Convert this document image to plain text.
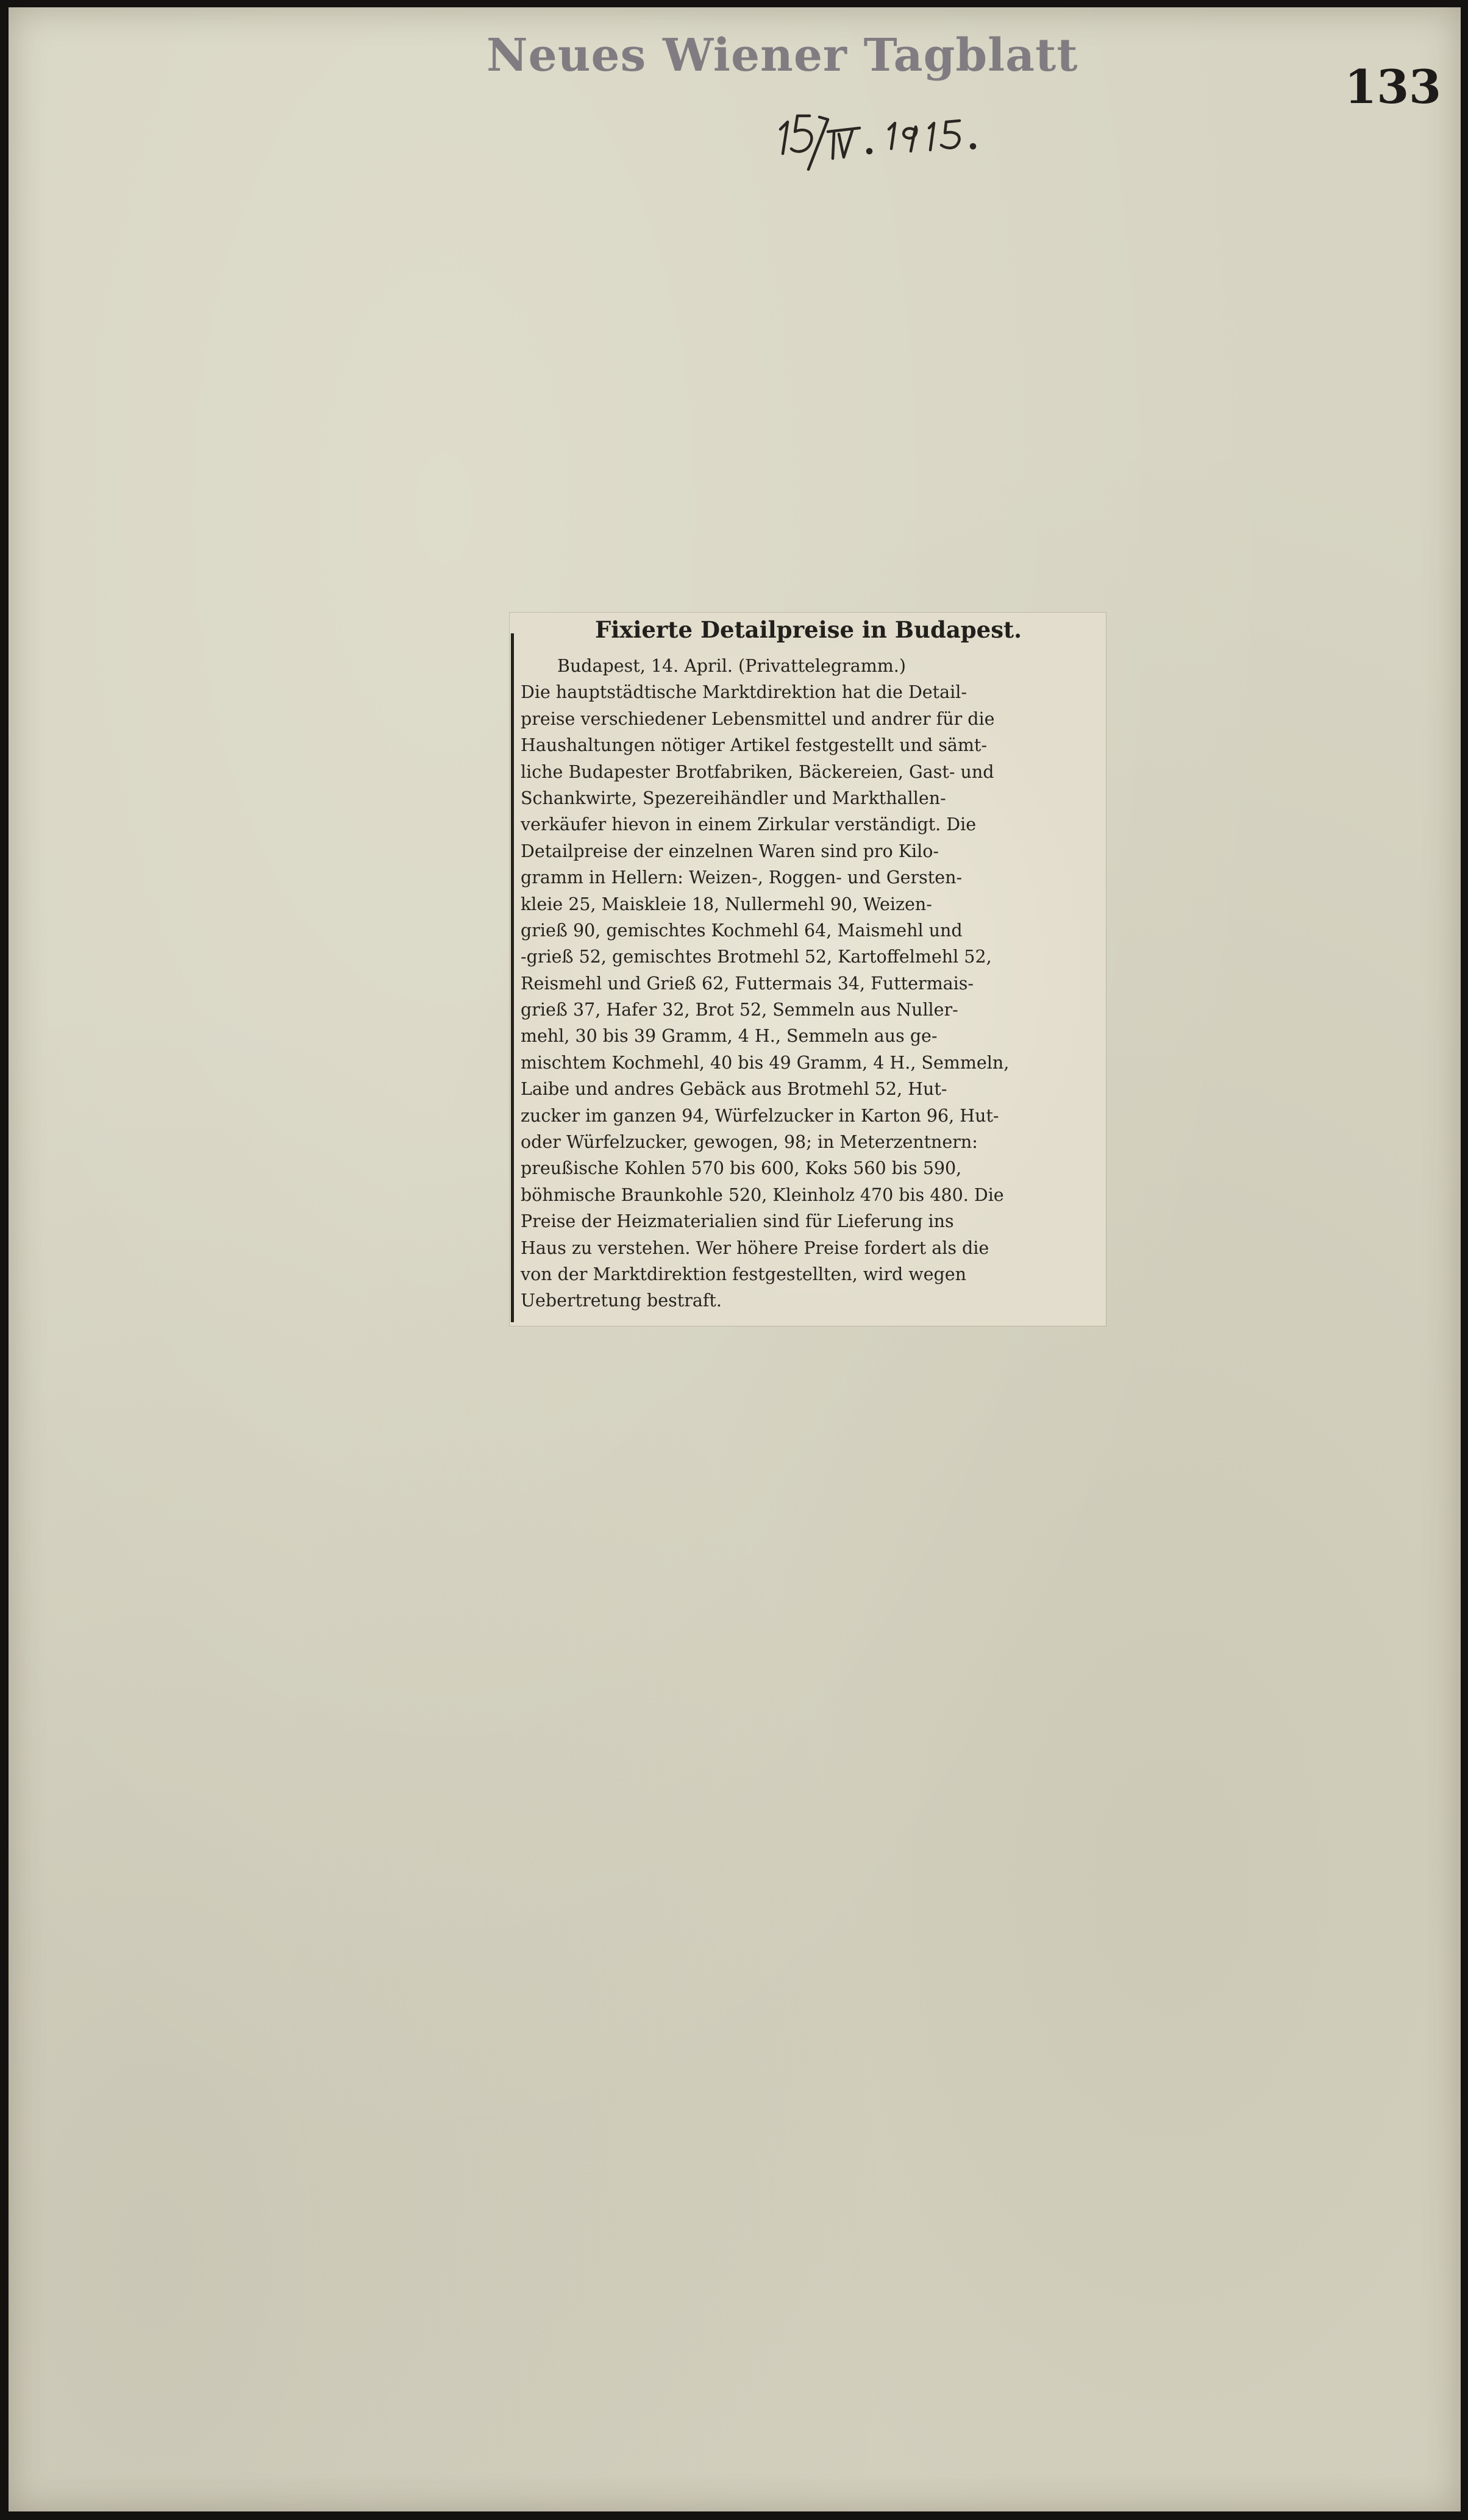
Neues Wiener Tagblatt
133
Fixierte Detailpreise in Budapest.
Budapest, 14. April. (Privattelegramm.)
Die hauptstädtische Marktdirektion hat die Detail-
preise verschiedener Lebensmittel und andrer für die
Haushaltungen nötiger Artikel festgestellt und sämt-
liche Budapester Brotfabriken, Bäckereien, Gast- und
Schankwirte, Spezereihändler und Markthallen-
verkäufer hievon in einem Zirkular verständigt. Die
Detailpreise der einzelnen Waren sind pro Kilo-
gramm in Hellern: Weizen-, Roggen- und Gersten-
kleie 25, Maiskleie 18, Nullermehl 90, Weizen-
grieß 90, gemischtes Kochmehl 64, Maismehl und
-grieß 52, gemischtes Brotmehl 52, Kartoffelmehl 52,
Reismehl und Grieß 62, Futtermais 34, Futtermais-
grieß 37, Hafer 32, Brot 52, Semmeln aus Nuller-
mehl, 30 bis 39 Gramm, 4 H., Semmeln aus ge-
mischtem Kochmehl, 40 bis 49 Gramm, 4 H., Semmeln,
Laibe und andres Gebäck aus Brotmehl 52, Hut-
zucker im ganzen 94, Würfelzucker in Karton 96, Hut-
oder Würfelzucker, gewogen, 98; in Meterzentnern:
preußische Kohlen 570 bis 600, Koks 560 bis 590,
böhmische Braunkohle 520, Kleinholz 470 bis 480. Die
Preise der Heizmaterialien sind für Lieferung ins
Haus zu verstehen. Wer höhere Preise fordert als die
von der Marktdirektion festgestellten, wird wegen
Uebertretung bestraft.
